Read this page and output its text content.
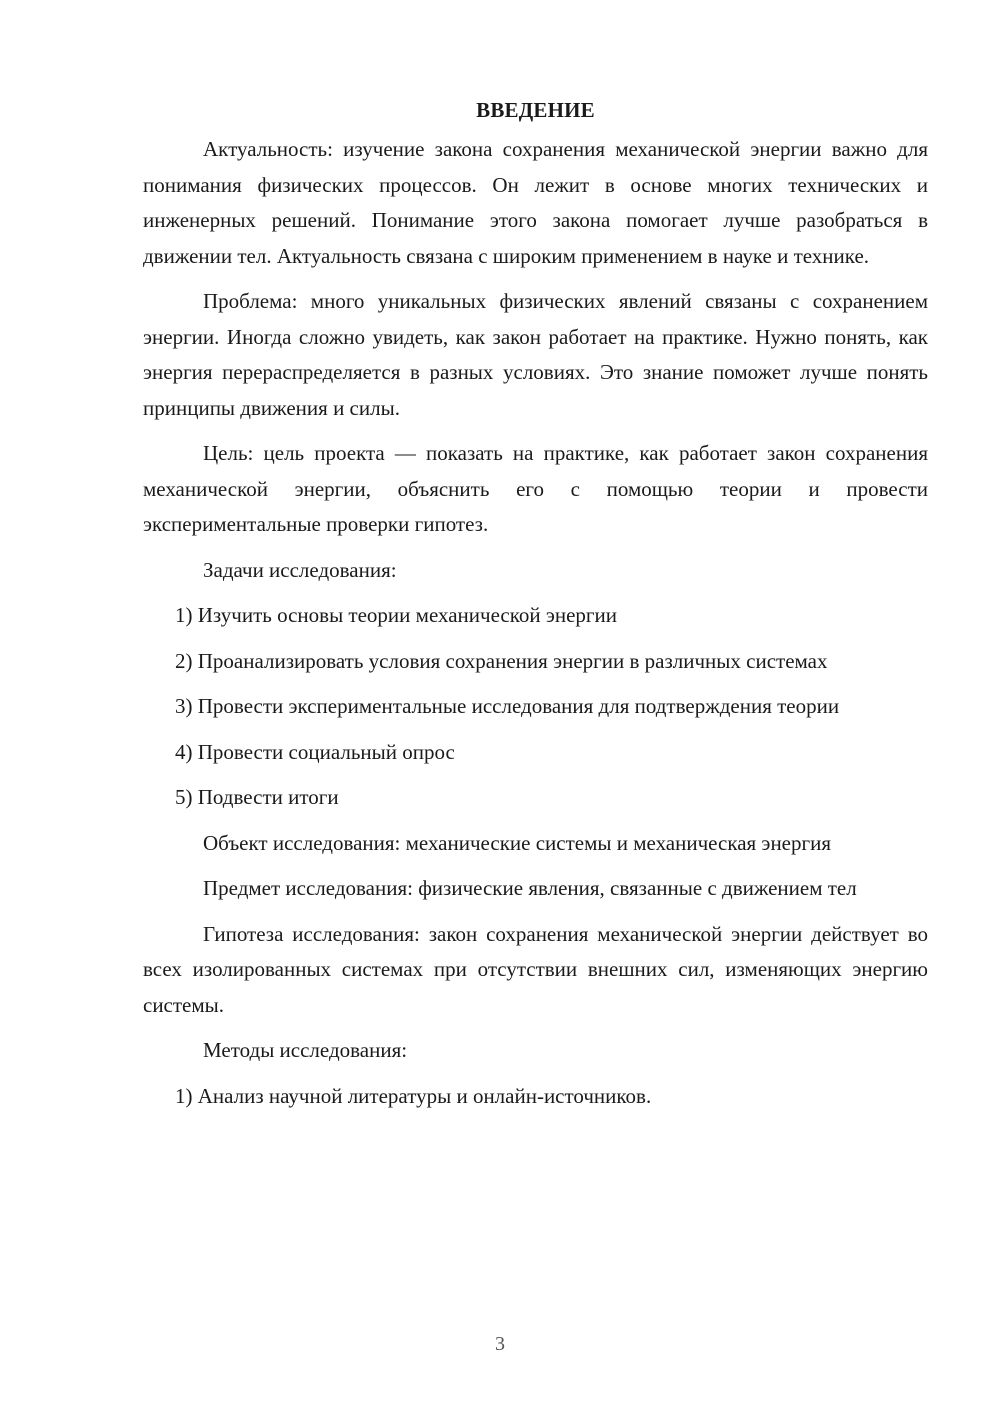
ВВЕДЕНИЕ

Актуальность: изучение закона сохранения механической энергии важно для понимания физических процессов. Он лежит в основе многих технических и инженерных решений. Понимание этого закона помогает лучше разобраться в движении тел. Актуальность связана с широким применением в науке и технике.

Проблема: много уникальных физических явлений связаны с сохранением энергии. Иногда сложно увидеть, как закон работает на практике. Нужно понять, как энергия перераспределяется в разных условиях. Это знание поможет лучше понять принципы движения и силы.

Цель: цель проекта — показать на практике, как работает закон сохранения механической энергии, объяснить его с помощью теории и провести экспериментальные проверки гипотез.

Задачи исследования:

1) Изучить основы теории механической энергии

2) Проанализировать условия сохранения энергии в различных системах

3) Провести экспериментальные исследования для подтверждения теории

4) Провести социальный опрос

5) Подвести итоги

Объект исследования: механические системы и механическая энергия

Предмет исследования: физические явления, связанные с движением тел

Гипотеза исследования: закон сохранения механической энергии действует во всех изолированных системах при отсутствии внешних сил, изменяющих энергию системы.

Методы исследования:

1) Анализ научной литературы и онлайн-источников.

3
